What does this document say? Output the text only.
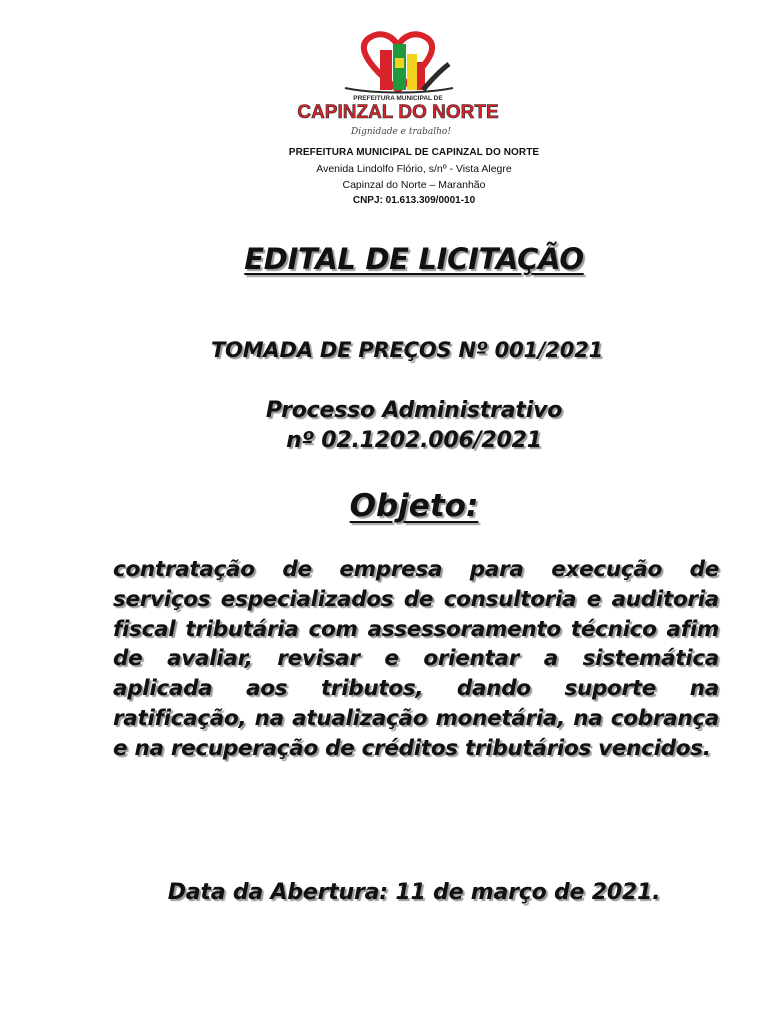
PREFEITURA MUNICIPAL DE
CAPINZAL DO NORTE
Dignidade e trabalho!
PREFEITURA MUNICIPAL DE CAPINZAL DO NORTE
Avenida Lindolfo Flório, s/nº - Vista Alegre
Capinzal do Norte – Maranhão
CNPJ: 01.613.309/0001-10
EDITAL DE LICITAÇÃO
TOMADA DE PREÇOS Nº 001/2021
Processo Administrativo
nº 02.1202.006/2021
Objeto:
contratação de empresa para execução de serviços especializados de consultoria e auditoria fiscal tributária com assessoramento técnico afim de avaliar, revisar e orientar a sistemática aplicada aos tributos, dando suporte na ratificação, na atualização monetária, na cobrança e na recuperação de créditos tributários vencidos.
Data da Abertura: 11 de março de 2021.
